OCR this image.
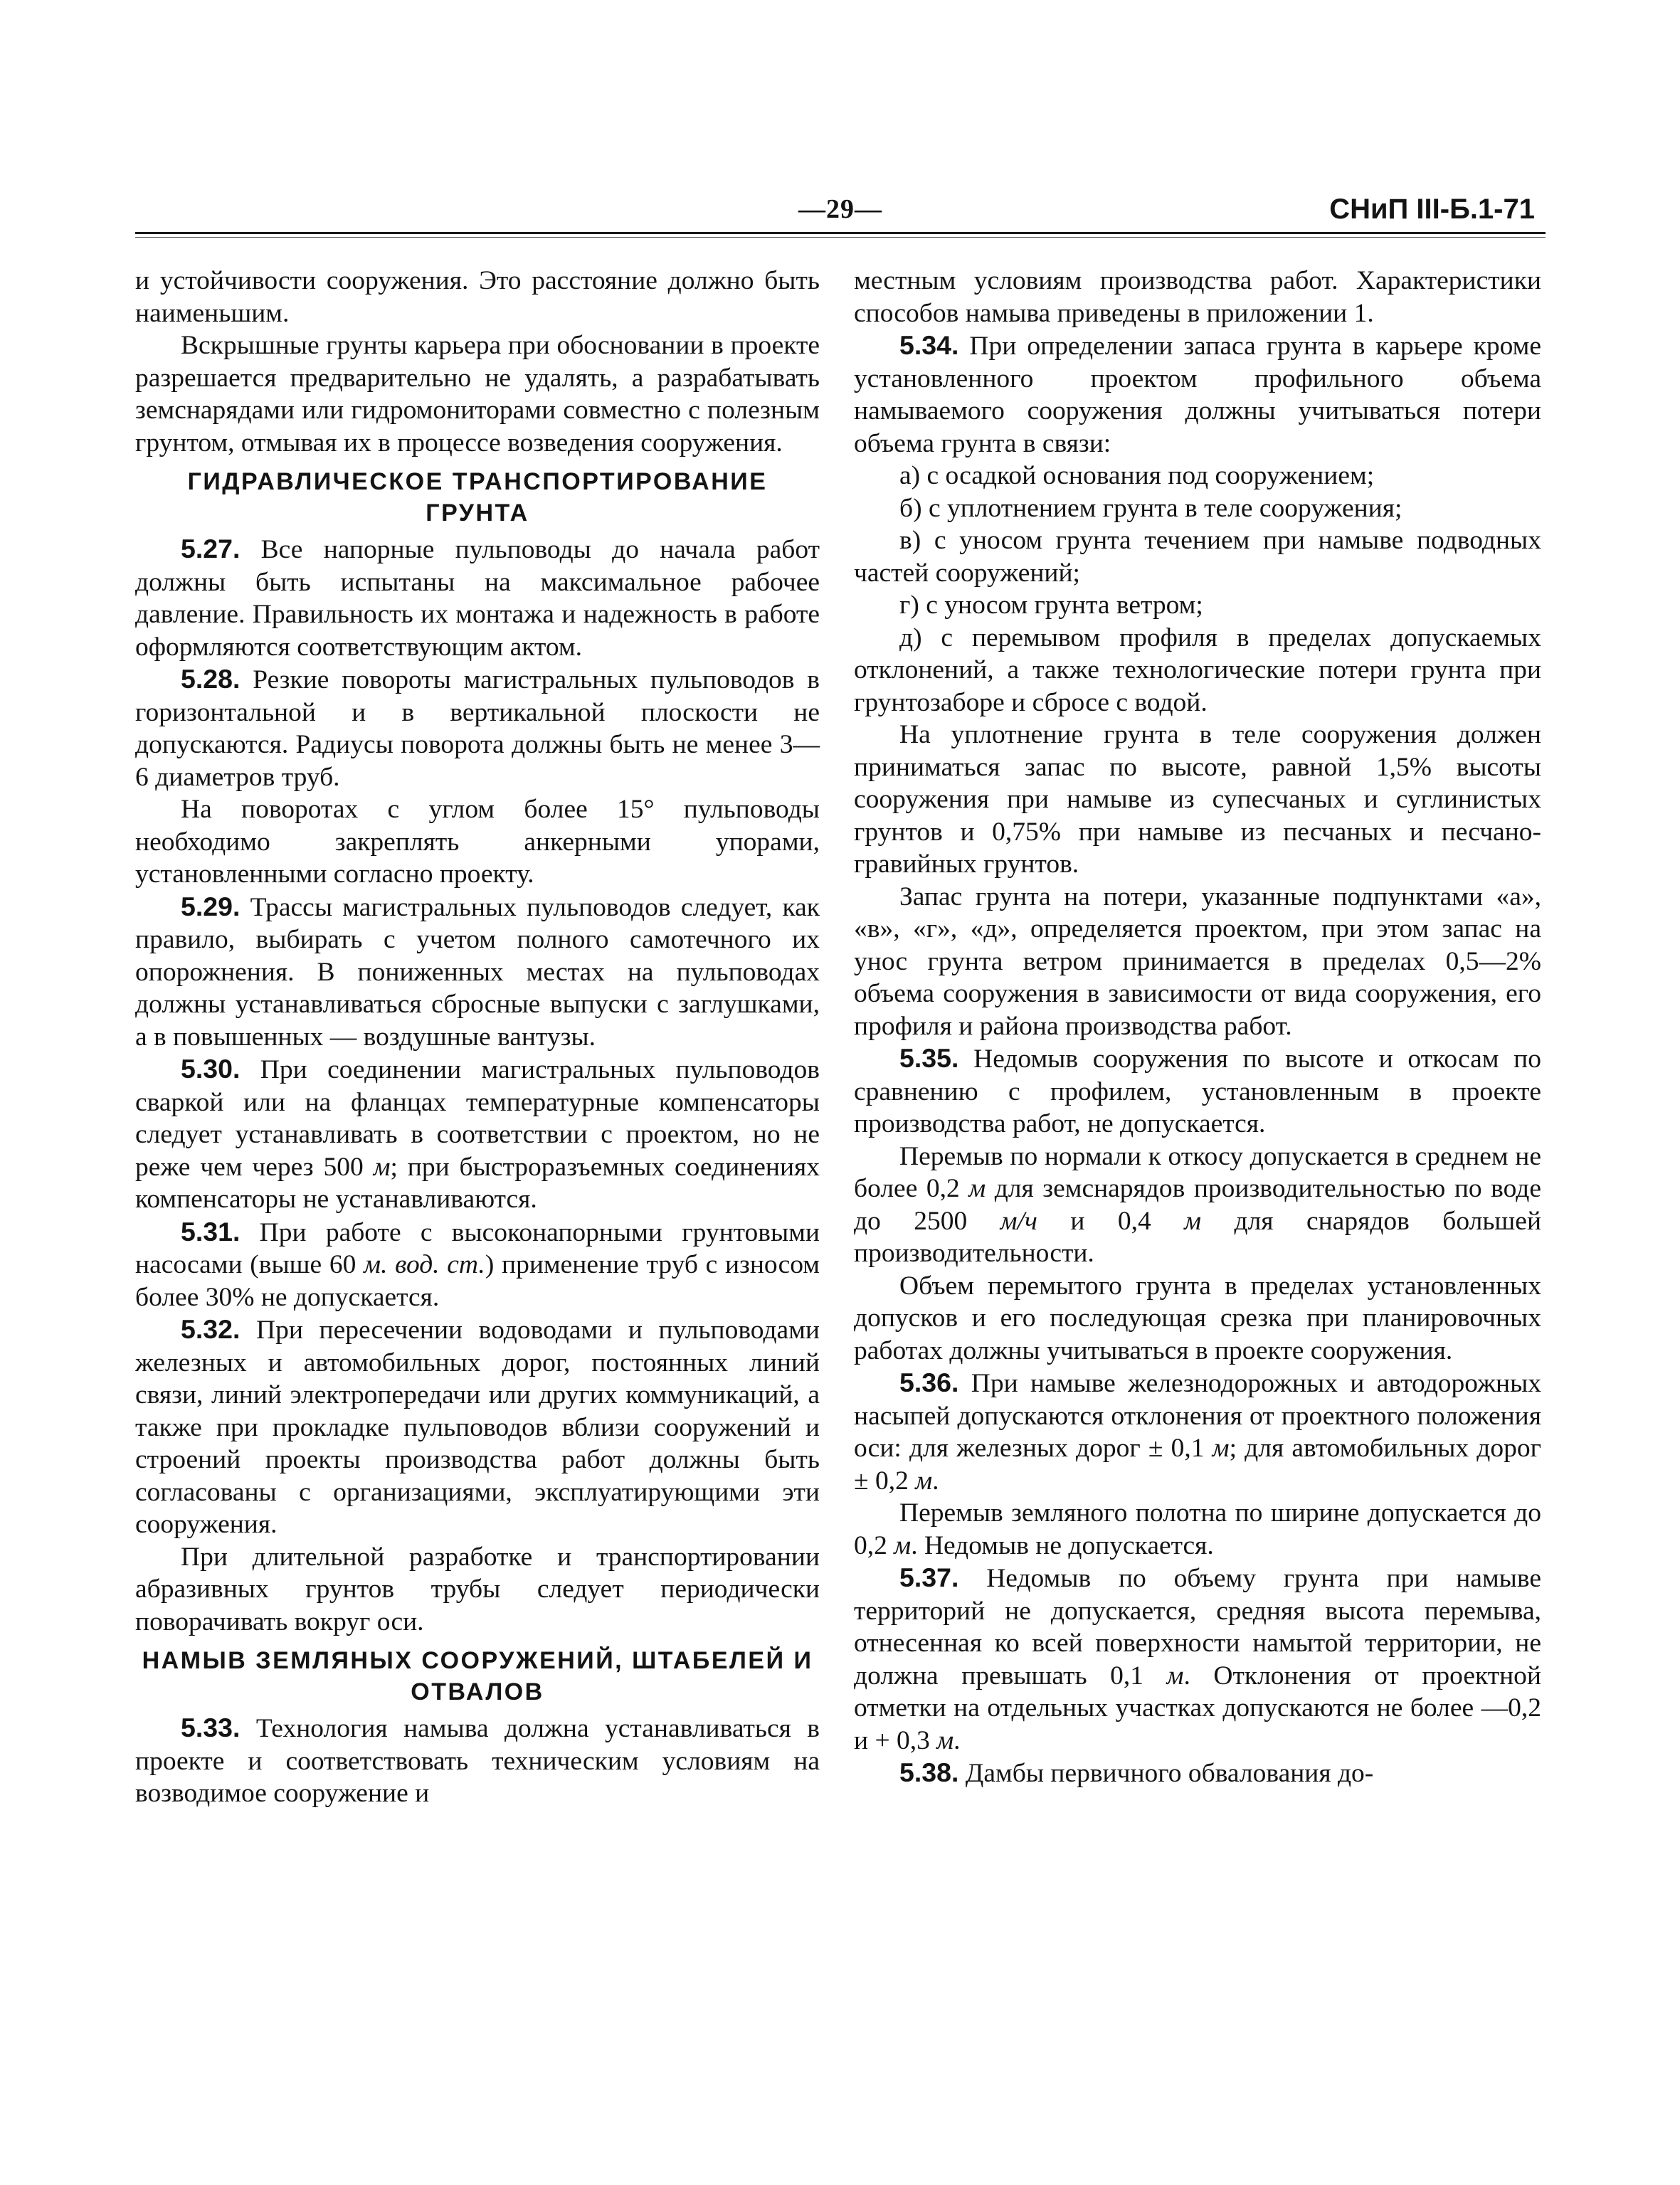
—29—	СНиП III-Б.1-71

и устойчивости сооружения. Это расстояние должно быть наименьшим.

Вскрышные грунты карьера при обосновании в проекте разрешается предварительно не удалять, а разрабатывать земснарядами или гидромониторами совместно с полезным грунтом, отмывая их в процессе возведения сооружения.

ГИДРАВЛИЧЕСКОЕ ТРАНСПОРТИРОВАНИЕ ГРУНТА

5.27. Все напорные пульповоды до начала работ должны быть испытаны на максимальное рабочее давление. Правильность их монтажа и надежность в работе оформляются соответствующим актом.

5.28. Резкие повороты магистральных пульповодов в горизонтальной и в вертикальной плоскости не допускаются. Радиусы поворота должны быть не менее 3—6 диаметров труб.

На поворотах с углом более 15° пульповоды необходимо закреплять анкерными упорами, установленными согласно проекту.

5.29. Трассы магистральных пульповодов следует, как правило, выбирать с учетом полного самотечного их опорожнения. В пониженных местах на пульповодах должны устанавливаться сбросные выпуски с заглушками, а в повышенных — воздушные вантузы.

5.30. При соединении магистральных пульповодов сваркой или на фланцах температурные компенсаторы следует устанавливать в соответствии с проектом, но не реже чем через 500 м; при быстроразъемных соединениях компенсаторы не устанавливаются.

5.31. При работе с высоконапорными грунтовыми насосами (выше 60 м. вод. ст.) применение труб с износом более 30% не допускается.

5.32. При пересечении водоводами и пульповодами железных и автомобильных дорог, постоянных линий связи, линий электропередачи или других коммуникаций, а также при прокладке пульповодов вблизи сооружений и строений проекты производства работ должны быть согласованы с организациями, эксплуатирующими эти сооружения.

При длительной разработке и транспортировании абразивных грунтов трубы следует периодически поворачивать вокруг оси.

НАМЫВ ЗЕМЛЯНЫХ СООРУЖЕНИЙ, ШТАБЕЛЕЙ И ОТВАЛОВ

5.33. Технология намыва должна устанавливаться в проекте и соответствовать техническим условиям на возводимое сооружение и

местным условиям производства работ. Характеристики способов намыва приведены в приложении 1.

5.34. При определении запаса грунта в карьере кроме установленного проектом профильного объема намываемого сооружения должны учитываться потери объема грунта в связи:

а) с осадкой основания под сооружением;

б) с уплотнением грунта в теле сооружения;

в) с уносом грунта течением при намыве подводных частей сооружений;

г) с уносом грунта ветром;

д) с перемывом профиля в пределах допускаемых отклонений, а также технологические потери грунта при грунтозаборе и сбросе с водой.

На уплотнение грунта в теле сооружения должен приниматься запас по высоте, равной 1,5% высоты сооружения при намыве из супесчаных и суглинистых грунтов и 0,75% при намыве из песчаных и песчано-гравийных грунтов.

Запас грунта на потери, указанные подпунктами «а», «в», «г», «д», определяется проектом, при этом запас на унос грунта ветром принимается в пределах 0,5—2% объема сооружения в зависимости от вида сооружения, его профиля и района производства работ.

5.35. Недомыв сооружения по высоте и откосам по сравнению с профилем, установленным в проекте производства работ, не допускается.

Перемыв по нормали к откосу допускается в среднем не более 0,2 м для земснарядов производительностью по воде до 2500 м/ч и 0,4 м для снарядов большей производительности.

Объем перемытого грунта в пределах установленных допусков и его последующая срезка при планировочных работах должны учитываться в проекте сооружения.

5.36. При намыве железнодорожных и автодорожных насыпей допускаются отклонения от проектного положения оси: для железных дорог ± 0,1 м; для автомобильных дорог ± 0,2 м.

Перемыв земляного полотна по ширине допускается до 0,2 м. Недомыв не допускается.

5.37. Недомыв по объему грунта при намыве территорий не допускается, средняя высота перемыва, отнесенная ко всей поверхности намытой территории, не должна превышать 0,1 м. Отклонения от проектной отметки на отдельных участках допускаются не более —0,2 и + 0,3 м.

5.38. Дамбы первичного обвалования до-
